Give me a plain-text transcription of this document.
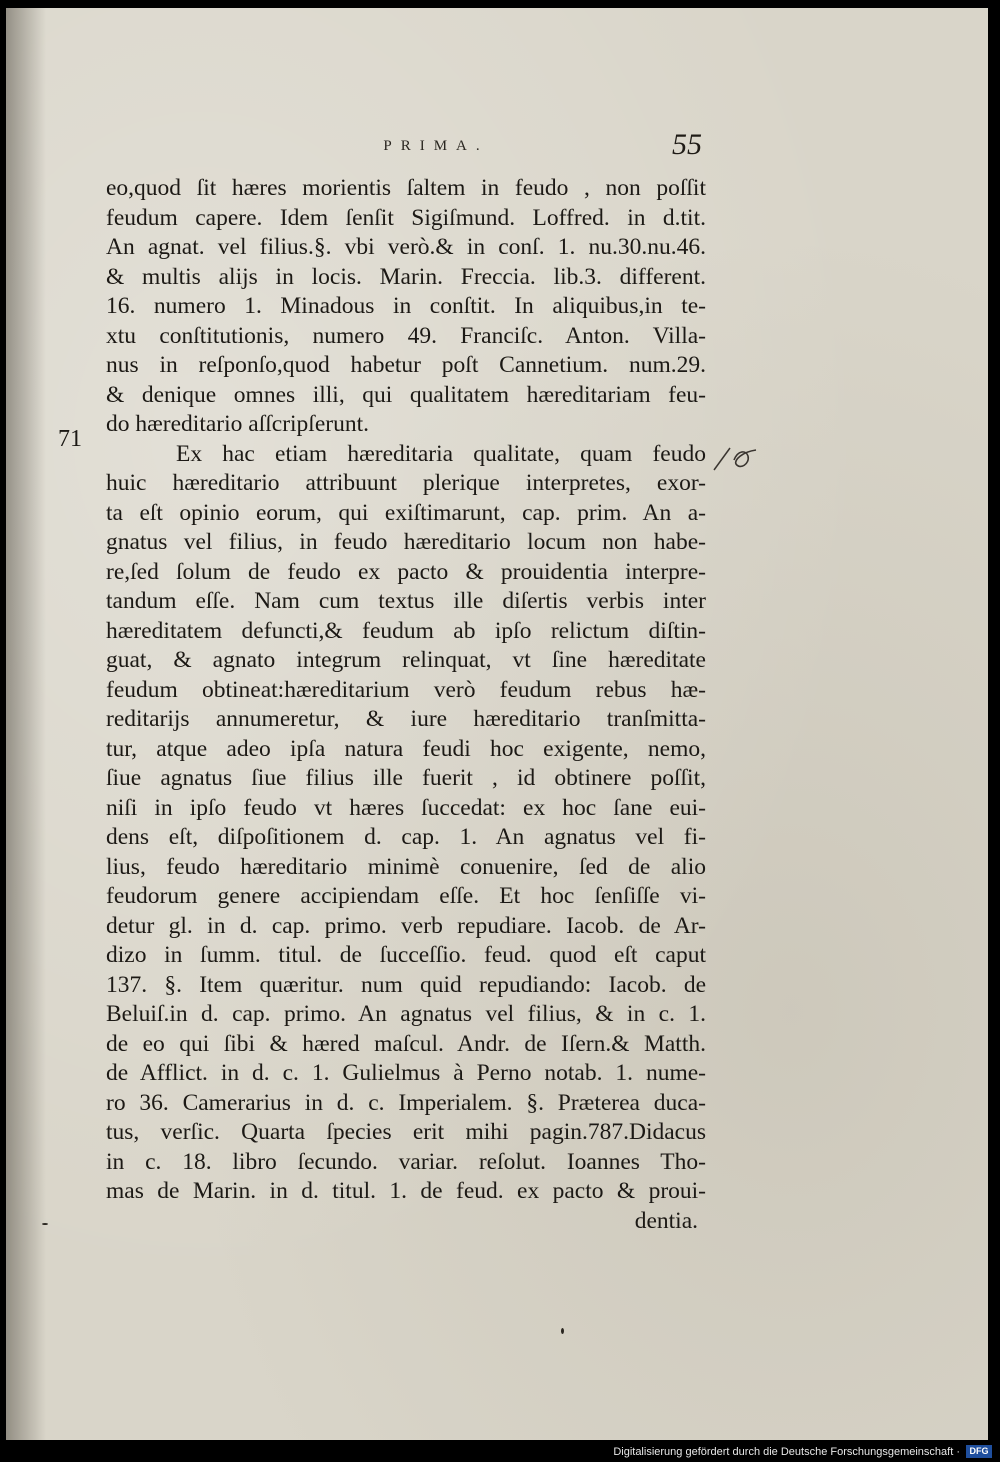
PRIMA.	55
71
eo,quod ſit hæres morientis ſaltem in feudo , non poſſit
feudum capere. Idem ſenſit Sigiſmund. Loffred. in d.tit.
An agnat. vel filius.§. vbi verò.& in conſ. 1. nu.30.nu.46.
& multis alijs in locis. Marin. Freccia. lib.3. different.
16. numero 1. Minadous in conſtit. In aliquibus,in te-
xtu conſtitutionis, numero 49. Franciſc. Anton. Villa-
nus in reſponſo,quod habetur poſt Cannetium. num.29.
& denique omnes illi, qui qualitatem hæreditariam feu-
do hæreditario aſſcripſerunt.
Ex hac etiam hæreditaria qualitate, quam feudo
huic hæreditario attribuunt plerique interpretes, exor-
ta eſt opinio eorum, qui exiſtimarunt, cap. prim. An a-
gnatus vel filius, in feudo hæreditario locum non habe-
re,ſed ſolum de feudo ex pacto & prouidentia interpre-
tandum eſſe. Nam cum textus ille diſertis verbis inter
hæreditatem defuncti,& feudum ab ipſo relictum diſtin-
guat, & agnato integrum relinquat, vt ſine hæreditate
feudum obtineat:hæreditarium verò feudum rebus hæ-
reditarijs annumeretur, & iure hæreditario tranſmitta-
tur, atque adeo ipſa natura feudi hoc exigente, nemo,
ſiue agnatus ſiue filius ille fuerit , id obtinere poſſit,
niſi in ipſo feudo vt hæres ſuccedat: ex hoc ſane eui-
dens eſt, diſpoſitionem d. cap. 1. An agnatus vel fi-
lius, feudo hæreditario minimè conuenire, ſed de alio
feudorum genere accipiendam eſſe. Et hoc ſenſiſſe vi-
detur gl. in d. cap. primo. verb repudiare. Iacob. de Ar-
dizo in ſumm. titul. de ſucceſſio. feud. quod eſt caput
137. §. Item quæritur. num quid repudiando: Iacob. de
Beluiſ.in d. cap. primo. An agnatus vel filius, & in c. 1.
de eo qui ſibi & hæred maſcul. Andr. de Iſern.& Matth.
de Afflict. in d. c. 1. Gulielmus à Perno notab. 1. nume-
ro 36. Camerarius in d. c. Imperialem. §. Præterea duca-
tus, verſic. Quarta ſpecies erit mihi pagin.787.Didacus
in c. 18. libro ſecundo. variar. reſolut. Ioannes Tho-
mas de Marin. in d. titul. 1. de feud. ex pacto & proui-
dentia.
Digitalisierung gefördert durch die Deutsche Forschungsgemeinschaft ·	DFG
